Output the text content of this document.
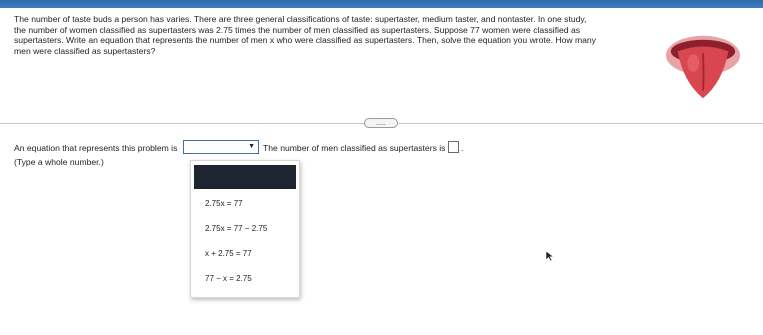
The number of taste buds a person has varies. There are three general classifications of taste: supertaster, medium taster, and nontaster. In one study,
the number of women classified as supertasters was 2.75 times the number of men classified as supertasters. Suppose 77 women were classified as
supertasters. Write an equation that represents the number of men x who were classified as supertasters. Then, solve the equation you wrote. How many
men were classified as supertasters?
.....
An equation that represents this problem is	The number of men classified as supertasters is
▼	.
(Type a whole number.)
2.75x = 77
2.75x = 77 − 2.75
x + 2.75 = 77
77 − x = 2.75
